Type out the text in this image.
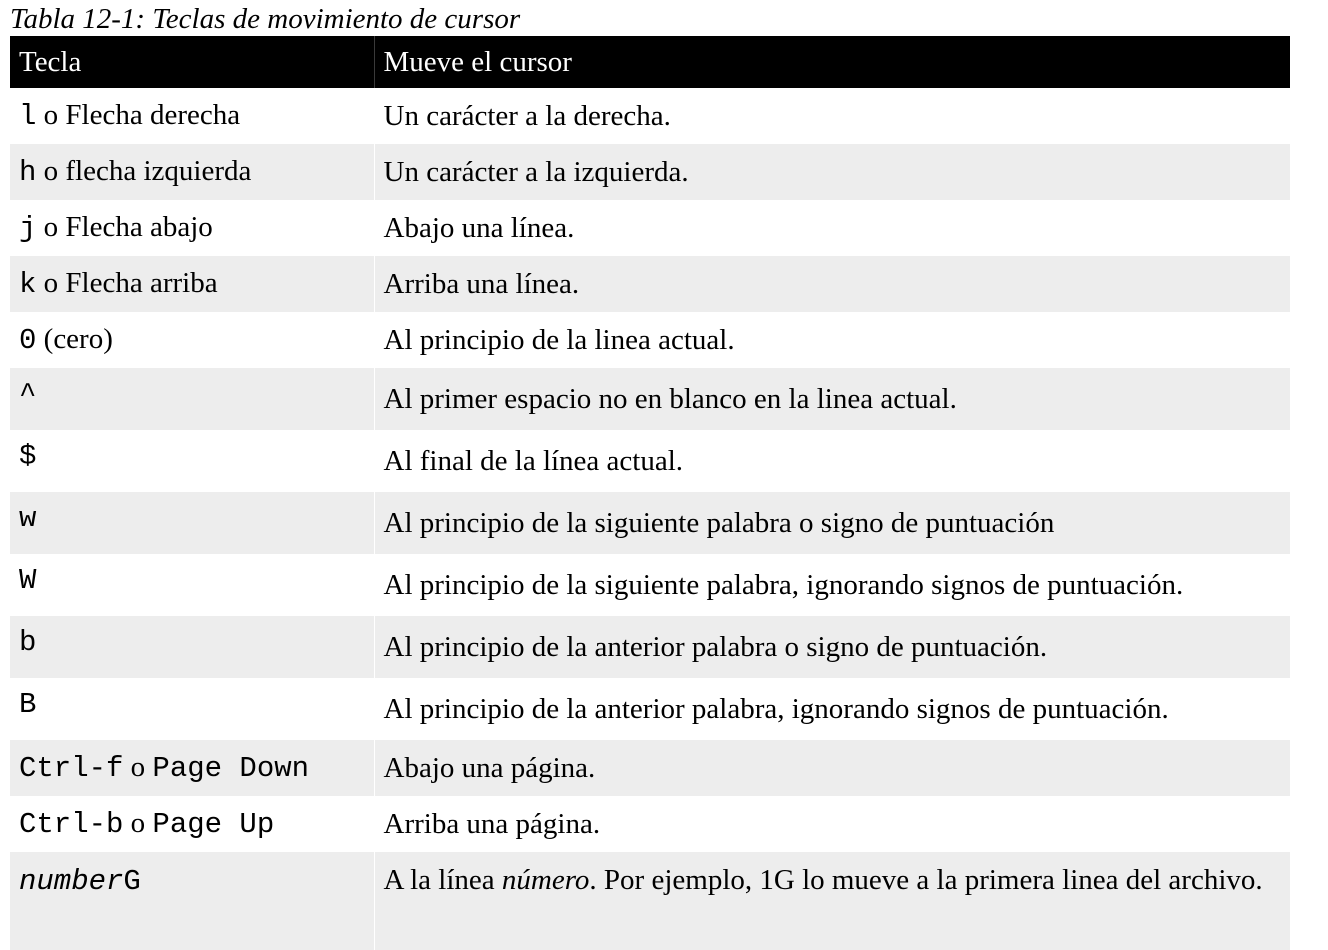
Tabla 12-1: Teclas de movimiento de cursor

Tecla	Mueve el cursor
l o Flecha derecha	Un carácter a la derecha.
h o flecha izquierda	Un carácter a la izquierda.
j o Flecha abajo	Abajo una línea.
k o Flecha arriba	Arriba una línea.
0 (cero)	Al principio de la linea actual.
^	Al primer espacio no en blanco en la linea actual.
$	Al final de la línea actual.
w	Al principio de la siguiente palabra o signo de puntuación
W	Al principio de la siguiente palabra, ignorando signos de puntuación.
b	Al principio de la anterior palabra o signo de puntuación.
B	Al principio de la anterior palabra, ignorando signos de puntuación.
Ctrl-f o Page Down	Abajo una página.
Ctrl-b o Page Up	Arriba una página.
numberG	A la línea número. Por ejemplo, 1G lo mueve a la primera linea del archivo.
